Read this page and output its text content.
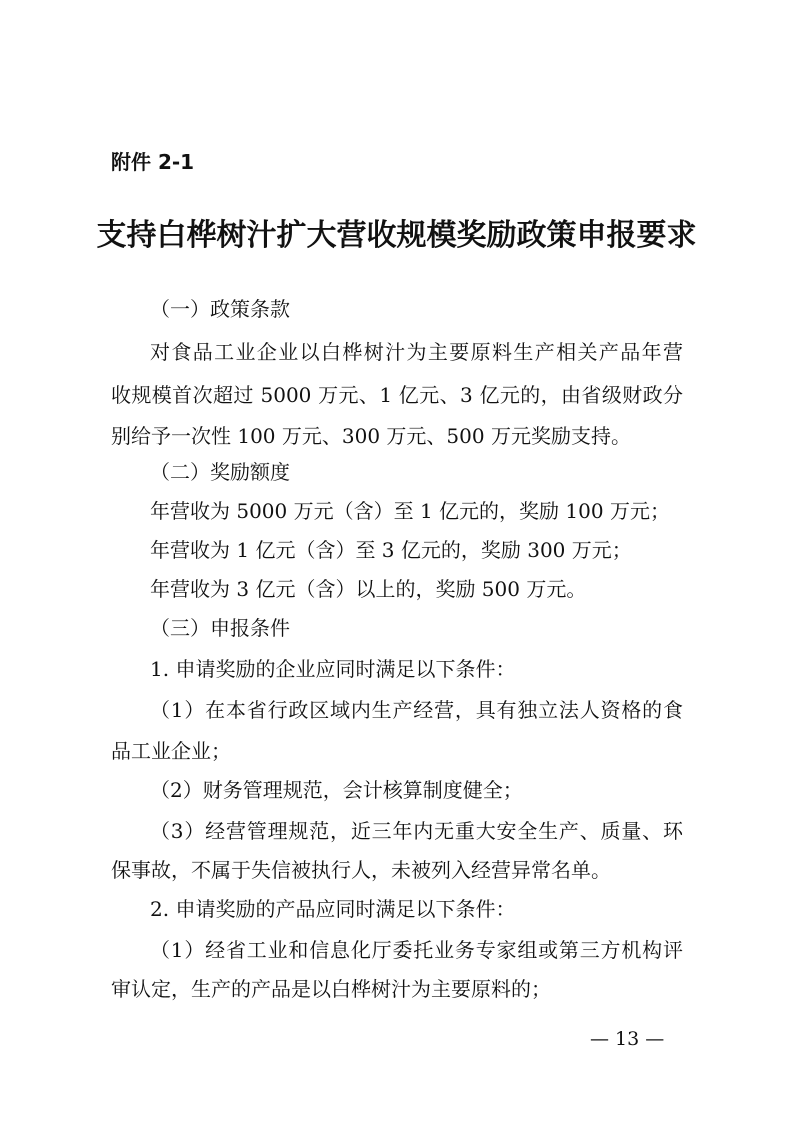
附件 2-1
支持白桦树汁扩大营收规模奖励政策申报要求
（一）政策条款
对食品工业企业以白桦树汁为主要原料生产相关产品年营
收规模首次超过 5000 万元、1 亿元、3 亿元的，由省级财政分
别给予一次性 100 万元、300 万元、500 万元奖励支持。
（二）奖励额度
年营收为 5000 万元（含）至 1 亿元的，奖励 100 万元；
年营收为 1 亿元（含）至 3 亿元的，奖励 300 万元；
年营收为 3 亿元（含）以上的，奖励 500 万元。
（三）申报条件
1. 申请奖励的企业应同时满足以下条件：
（1）在本省行政区域内生产经营，具有独立法人资格的食
品工业企业；
（2）财务管理规范，会计核算制度健全；
（3）经营管理规范，近三年内无重大安全生产、质量、环
保事故，不属于失信被执行人，未被列入经营异常名单。
2. 申请奖励的产品应同时满足以下条件：
（1）经省工业和信息化厅委托业务专家组或第三方机构评
审认定，生产的产品是以白桦树汁为主要原料的；
— 13 —
